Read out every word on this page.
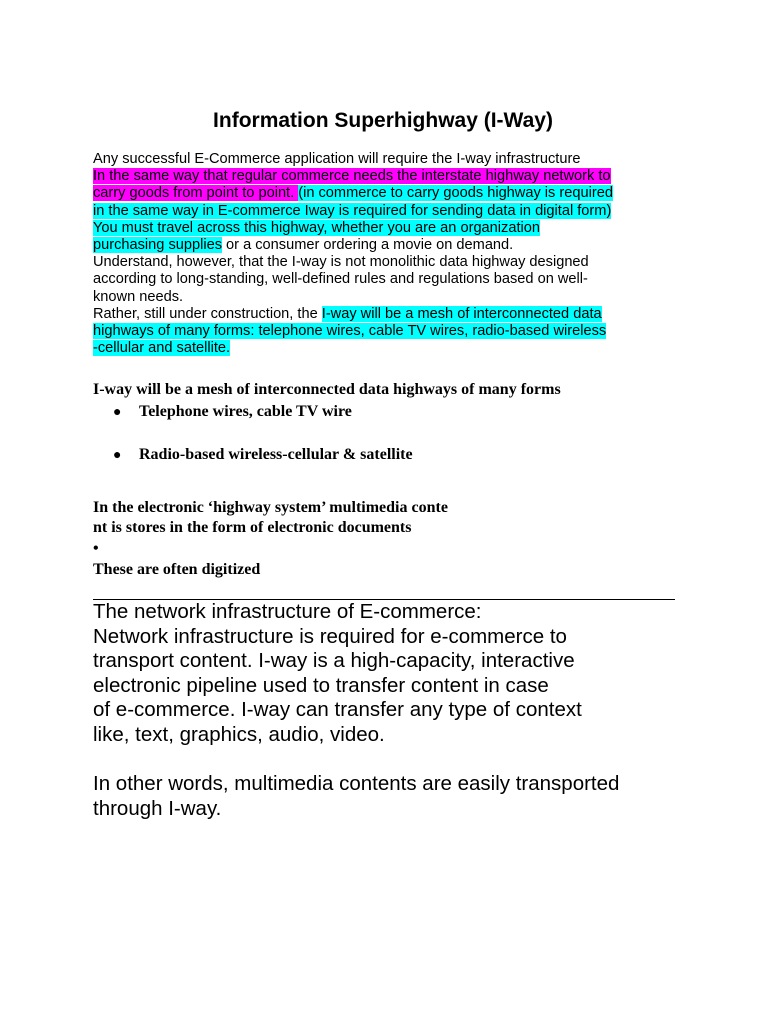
Information Superhighway (I-Way)
Any successful E-Commerce application will require the I-way infrastructure
In the same way that regular commerce needs the interstate highway network to
carry goods from point to point. (in commerce to carry goods highway is required
in the same way in E-commerce Iway is required for sending data in digital form)
You must travel across this highway, whether you are an organization
purchasing supplies or a consumer ordering a movie on demand.
Understand, however, that the I-way is not monolithic data highway designed
according to long-standing, well-defined rules and regulations based on well-
known needs.
Rather, still under construction, the I-way will be a mesh of interconnected data
highways of many forms: telephone wires, cable TV wires, radio-based wireless
-cellular and satellite.
I-way will be a mesh of interconnected data highways of many forms
● Telephone wires, cable TV wire
● Radio-based wireless-cellular & satellite
In the electronic ‘highway system’ multimedia conte
nt is stores in the form of electronic documents
•
These are often digitized
The network infrastructure of E-commerce:
Network infrastructure is required for e-commerce to
transport content. I-way is a high-capacity, interactive
electronic pipeline used to transfer content in case
of e-commerce. I-way can transfer any type of context
like, text, graphics, audio, video.
In other words, multimedia contents are easily transported
through I-way.
